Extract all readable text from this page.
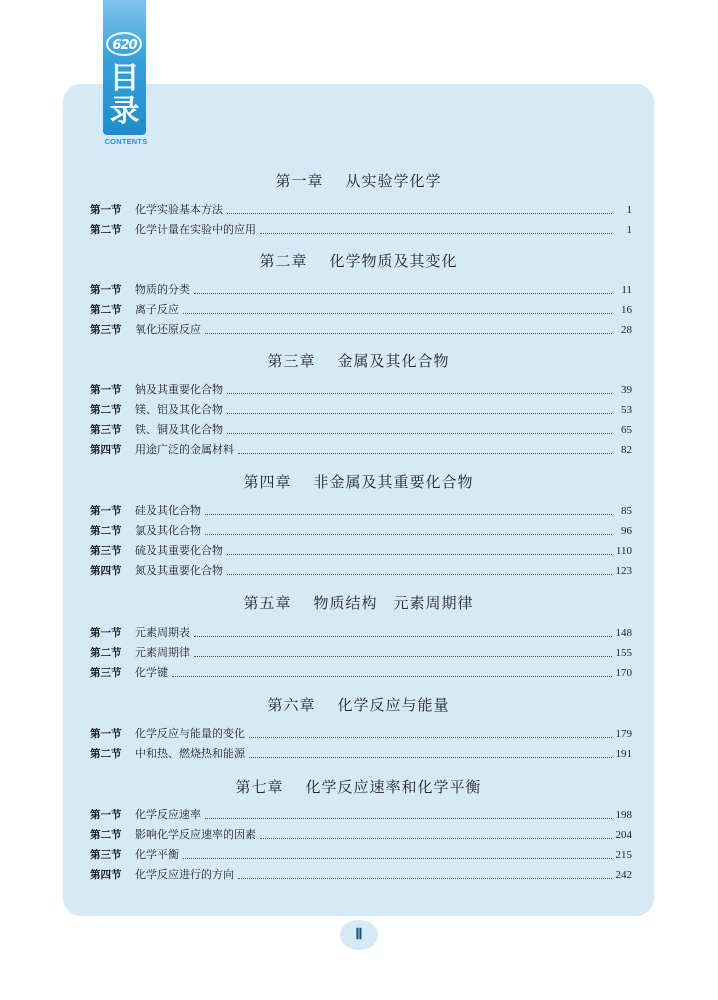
620
目
录
CONTENTS
第一章 从实验学化学
第一节	化学实验基本方法	1
第二节	化学计量在实验中的应用	1
第二章 化学物质及其变化
第一节	物质的分类	11
第二节	离子反应	16
第三节	氧化还原反应	28
第三章 金属及其化合物
第一节	钠及其重要化合物	39
第二节	镁、铝及其化合物	53
第三节	铁、铜及其化合物	65
第四节	用途广泛的金属材料	82
第四章 非金属及其重要化合物
第一节	硅及其化合物	85
第二节	氯及其化合物	96
第三节	硫及其重要化合物	110
第四节	氮及其重要化合物	123
第五章 物质结构　元素周期律
第一节	元素周期表	148
第二节	元素周期律	155
第三节	化学键	170
第六章 化学反应与能量
第一节	化学反应与能量的变化	179
第二节	中和热、燃烧热和能源	191
第七章 化学反应速率和化学平衡
第一节	化学反应速率	198
第二节	影响化学反应速率的因素	204
第三节	化学平衡	215
第四节	化学反应进行的方向	242
Ⅱ
